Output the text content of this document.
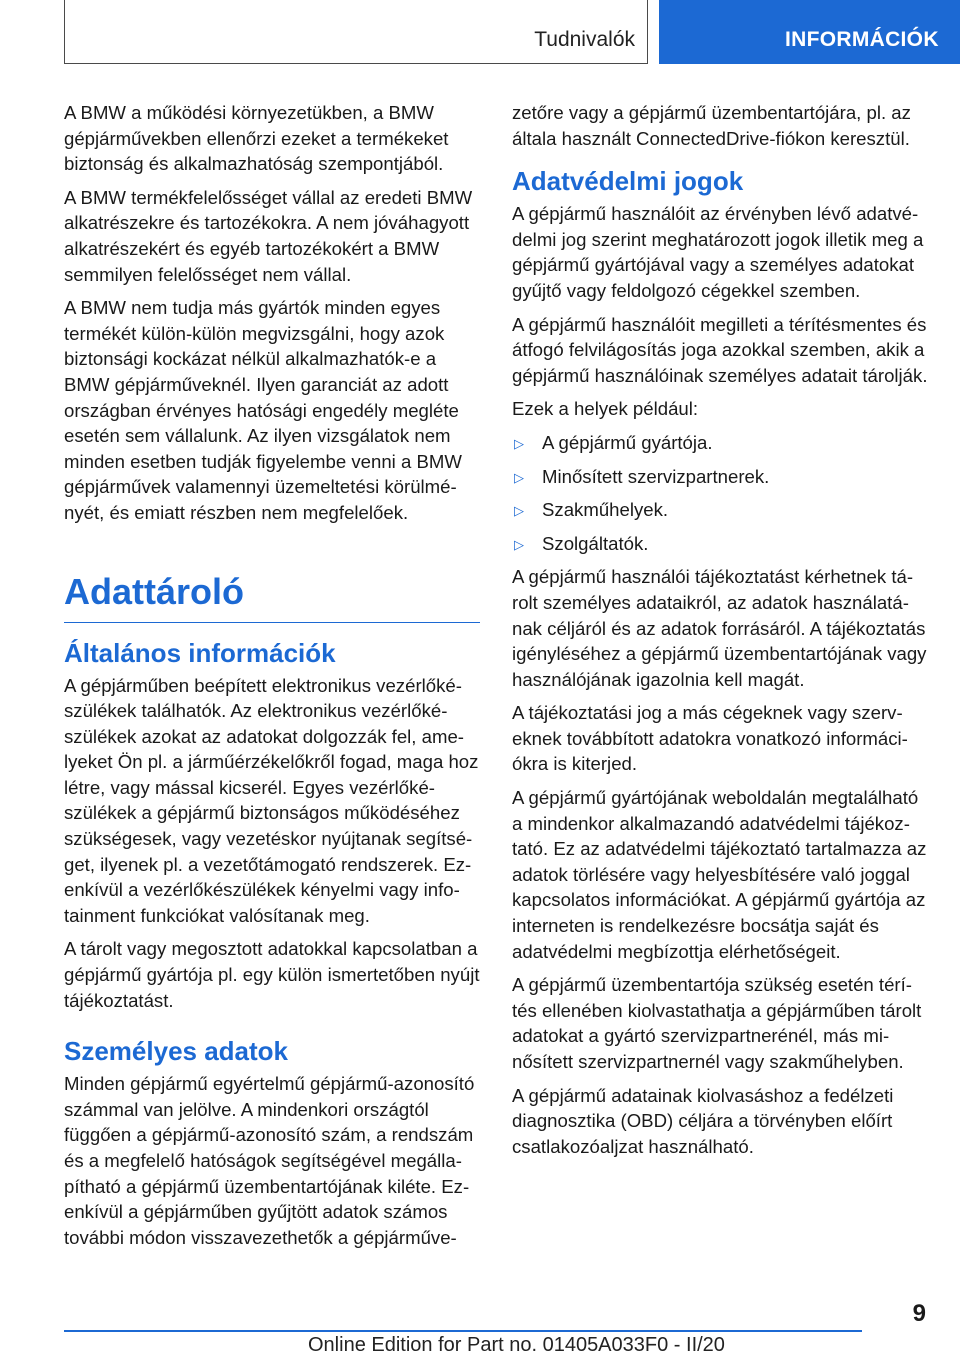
Tudnivalók	INFORMÁCIÓK

A BMW a működési környezetükben, a BMW gépjárművekben ellenőrzi ezeket a termékeket biztonság és alkalmazhatóság szempontjából.

A BMW termékfelelősséget vállal az eredeti BMW alkatrészekre és tartozékokra. A nem jóváhagyott alkatrészekért és egyéb tartozékokért a BMW semmilyen felelősséget nem vállal.

A BMW nem tudja más gyártók minden egyes termékét külön-külön megvizsgálni, hogy azok biztonsági kockázat nélkül alkalmazhatók-e a BMW gépjárműveknél. Ilyen garanciát az adott országban érvényes hatósági engedély megléte esetén sem vállalunk. Az ilyen vizsgálatok nem minden esetben tudják figyelembe venni a BMW gépjárművek valamennyi üzemeltetési körülményét, és emiatt részben nem megfelelőek.

Adattároló
Általános információk

A gépjárműben beépített elektronikus vezérlőkészülékek találhatók. Az elektronikus vezérlőkészülékek azokat az adatokat dolgozzák fel, amelyeket Ön pl. a járműérzékelőkről fogad, maga hoz létre, vagy mással kicserél. Egyes vezérlőkészülékek a gépjármű biztonságos működéséhez szükségesek, vagy vezetéskor nyújtanak segítséget, ilyenek pl. a vezetőtámogató rendszerek. Ezenkívül a vezérlőkészülékek kényelmi vagy infotainment funkciókat valósítanak meg.

A tárolt vagy megosztott adatokkal kapcsolatban a gépjármű gyártója pl. egy külön ismertetőben nyújt tájékoztatást.

Személyes adatok

Minden gépjármű egyértelmű gépjármű-azonosító számmal van jelölve. A mindenkori országtól függően a gépjármű-azonosító szám, a rendszám és a megfelelő hatóságok segítségével megállapítható a gépjármű üzembentartójának kiléte. Ezenkívül a gépjárműben gyűjtött adatok számos további módon visszavezethetők a gépjárműve-

zetőre vagy a gépjármű üzembentartójára, pl. az általa használt ConnectedDrive-fiókon keresztül.

Adatvédelmi jogok

A gépjármű használóit az érvényben lévő adatvédelmi jog szerint meghatározott jogok illetik meg a gépjármű gyártójával vagy a személyes adatokat gyűjtő vagy feldolgozó cégekkel szemben.

A gépjármű használóit megilleti a térítésmentes és átfogó felvilágosítás joga azokkal szemben, akik a gépjármű használóinak személyes adatait tárolják.

Ezek a helyek például:

▷ A gépjármű gyártója.
▷ Minősített szervizpartnerek.
▷ Szakműhelyek.
▷ Szolgáltatók.

A gépjármű használói tájékoztatást kérhetnek tárolt személyes adataikról, az adatok használatának céljáról és az adatok forrásáról. A tájékoztatás igényléséhez a gépjármű üzembentartójának vagy használójának igazolnia kell magát.

A tájékoztatási jog a más cégeknek vagy szerveknek továbbított adatokra vonatkozó információkra is kiterjed.

A gépjármű gyártójának weboldalán megtalálható a mindenkor alkalmazandó adatvédelmi tájékoztató. Ez az adatvédelmi tájékoztató tartalmazza az adatok törlésére vagy helyesbítésére való joggal kapcsolatos információkat. A gépjármű gyártója az interneten is rendelkezésre bocsátja saját és adatvédelmi megbízottja elérhetőségeit.

A gépjármű üzembentartója szükség esetén térítés ellenében kiolvastathatja a gépjárműben tárolt adatokat a gyártó szervizpartnerénél, más minősített szervizpartnernél vagy szakműhelyben.

A gépjármű adatainak kiolvasáshoz a fedélzeti diagnosztika (OBD) céljára a törvényben előírt csatlakozóaljzat használható.

9
Online Edition for Part no. 01405A033F0 - II/20
